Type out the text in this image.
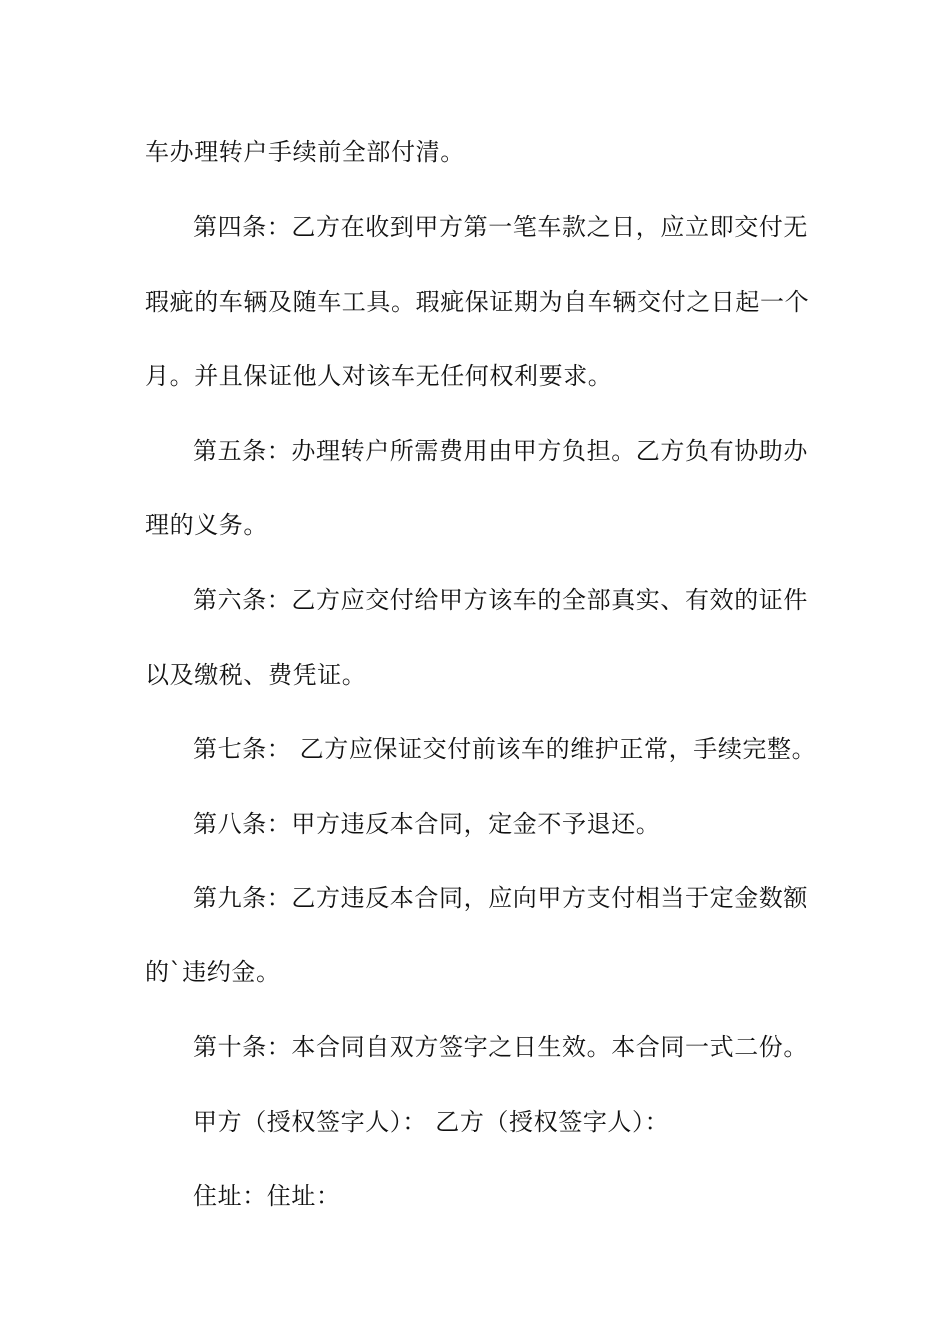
车办理转户手续前全部付清。
第四条：乙方在收到甲方第一笔车款之日，应立即交付无
瑕疵的车辆及随车工具。瑕疵保证期为自车辆交付之日起一个
月。并且保证他人对该车无任何权利要求。
第五条：办理转户所需费用由甲方负担。乙方负有协助办
理的义务。
第六条：乙方应交付给甲方该车的全部真实、有效的证件
以及缴税、费凭证。
第七条： 乙方应保证交付前该车的维护正常，手续完整。
第八条：甲方违反本合同，定金不予退还。
第九条：乙方违反本合同，应向甲方支付相当于定金数额
的`违约金。
第十条：本合同自双方签字之日生效。本合同一式二份。
甲方（授权签字人）： 乙方（授权签字人）：
住址：住址：
